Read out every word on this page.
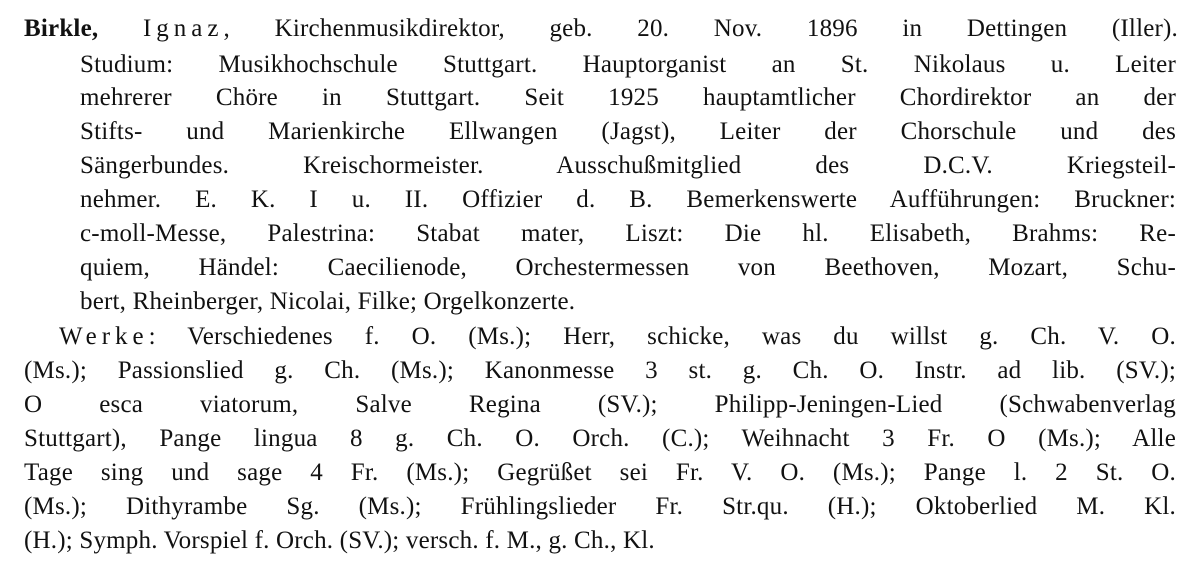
Birkle, Ignaz, Kirchenmusikdirektor, geb. 20. Nov. 1896 in Dettingen (Iller).
Studium: Musikhochschule Stuttgart. Hauptorganist an St. Nikolaus u. Leiter
mehrerer Chöre in Stuttgart. Seit 1925 hauptamtlicher Chordirektor an der
Stifts- und Marienkirche Ellwangen (Jagst), Leiter der Chorschule und des
Sängerbundes. Kreischormeister. Ausschußmitglied des D.C.V. Kriegsteil-
nehmer. E. K. I u. II. Offizier d. B. Bemerkenswerte Aufführungen: Bruckner:
c-moll-Messe, Palestrina: Stabat mater, Liszt: Die hl. Elisabeth, Brahms: Re-
quiem, Händel: Caecilienode, Orchestermessen von Beethoven, Mozart, Schu-
bert, Rheinberger, Nicolai, Filke; Orgelkonzerte.
Werke: Verschiedenes f. O. (Ms.); Herr, schicke, was du willst g. Ch. V. O.
(Ms.); Passionslied g. Ch. (Ms.); Kanonmesse 3 st. g. Ch. O. Instr. ad lib. (SV.);
O esca viatorum, Salve Regina (SV.); Philipp-Jeningen-Lied (Schwabenverlag
Stuttgart), Pange lingua 8 g. Ch. O. Orch. (C.); Weihnacht 3 Fr. O (Ms.); Alle
Tage sing und sage 4 Fr. (Ms.); Gegrüßet sei Fr. V. O. (Ms.); Pange l. 2 St. O.
(Ms.); Dithyrambe Sg. (Ms.); Frühlingslieder Fr. Str.qu. (H.); Oktoberlied M. Kl.
(H.); Symph. Vorspiel f. Orch. (SV.); versch. f. M., g. Ch., Kl.
